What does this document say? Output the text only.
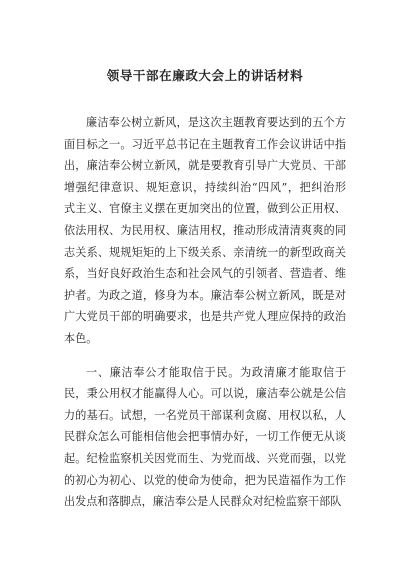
领导干部在廉政大会上的讲话材料
廉洁奉公树立新风，是这次主题教育要达到的五个方
面目标之一。习近平总书记在主题教育工作会议讲话中指
出，廉洁奉公树立新风，就是要教育引导广大党员、干部
增强纪律意识、规矩意识，持续纠治“四风”，把纠治形
式主义、官僚主义摆在更加突出的位置，做到公正用权、
依法用权、为民用权、廉洁用权，推动形成清清爽爽的同
志关系、规规矩矩的上下级关系、亲清统一的新型政商关
系，当好良好政治生态和社会风气的引领者、营造者、维
护者。为政之道，修身为本。廉洁奉公树立新风，既是对
广大党员干部的明确要求，也是共产党人理应保持的政治
本色。
一、廉洁奉公才能取信于民。为政清廉才能取信于
民，秉公用权才能赢得人心。可以说，廉洁奉公就是公信
力的基石。试想，一名党员干部谋利贪腐、用权以私，人
民群众怎么可能相信他会把事情办好，一切工作便无从谈
起。纪检监察机关因党而生、为党而战、兴党而强，以党
的初心为初心、以党的使命为使命，把为民造福作为工作
出发点和落脚点，廉洁奉公是人民群众对纪检监察干部队
